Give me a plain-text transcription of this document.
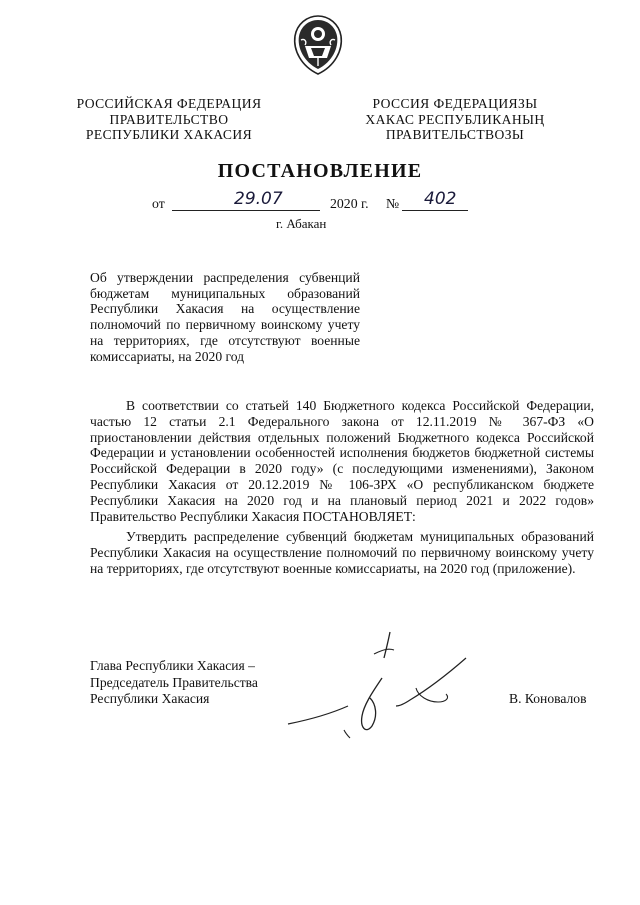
РОССИЙСКАЯ ФЕДЕРАЦИЯ
ПРАВИТЕЛЬСТВО
РЕСПУБЛИКИ ХАКАСИЯ
РОССИЯ ФЕДЕРАЦИЯЗЫ
ХАКАС РЕСПУБЛИКАНЫҢ
ПРАВИТЕЛЬСТВОЗЫ
ПОСТАНОВЛЕНИЕ
от	29.07	2020 г. № 402
г. Абакан
Об утверждении распределения субвенций бюджетам муниципальных образований Республики Хакасия на осуществление полномочий по первичному воинскому учету на территориях, где отсутствуют военные комиссариаты, на 2020 год
В соответствии со статьей 140 Бюджетного кодекса Российской Федерации, частью 12 статьи 2.1 Федерального закона от 12.11.2019 № 367-ФЗ «О приостановлении действия отдельных положений Бюджетного кодекса Российской Федерации и установлении особенностей исполнения бюджетов бюджетной системы Российской Федерации в 2020 году» (с последующими изменениями), Законом Республики Хакасия от 20.12.2019 № 106-ЗРХ «О республиканском бюджете Республики Хакасия на 2020 год и на плановый период 2021 и 2022 годов» Правительство Республики Хакасия ПОСТАНОВЛЯЕТ:
Утвердить распределение субвенций бюджетам муниципальных образований Республики Хакасия на осуществление полномочий по первичному воинскому учету на территориях, где отсутствуют военные комиссариаты, на 2020 год (приложение).
Глава Республики Хакасия –
Председатель Правительства
Республики Хакасия	В. Коновалов
